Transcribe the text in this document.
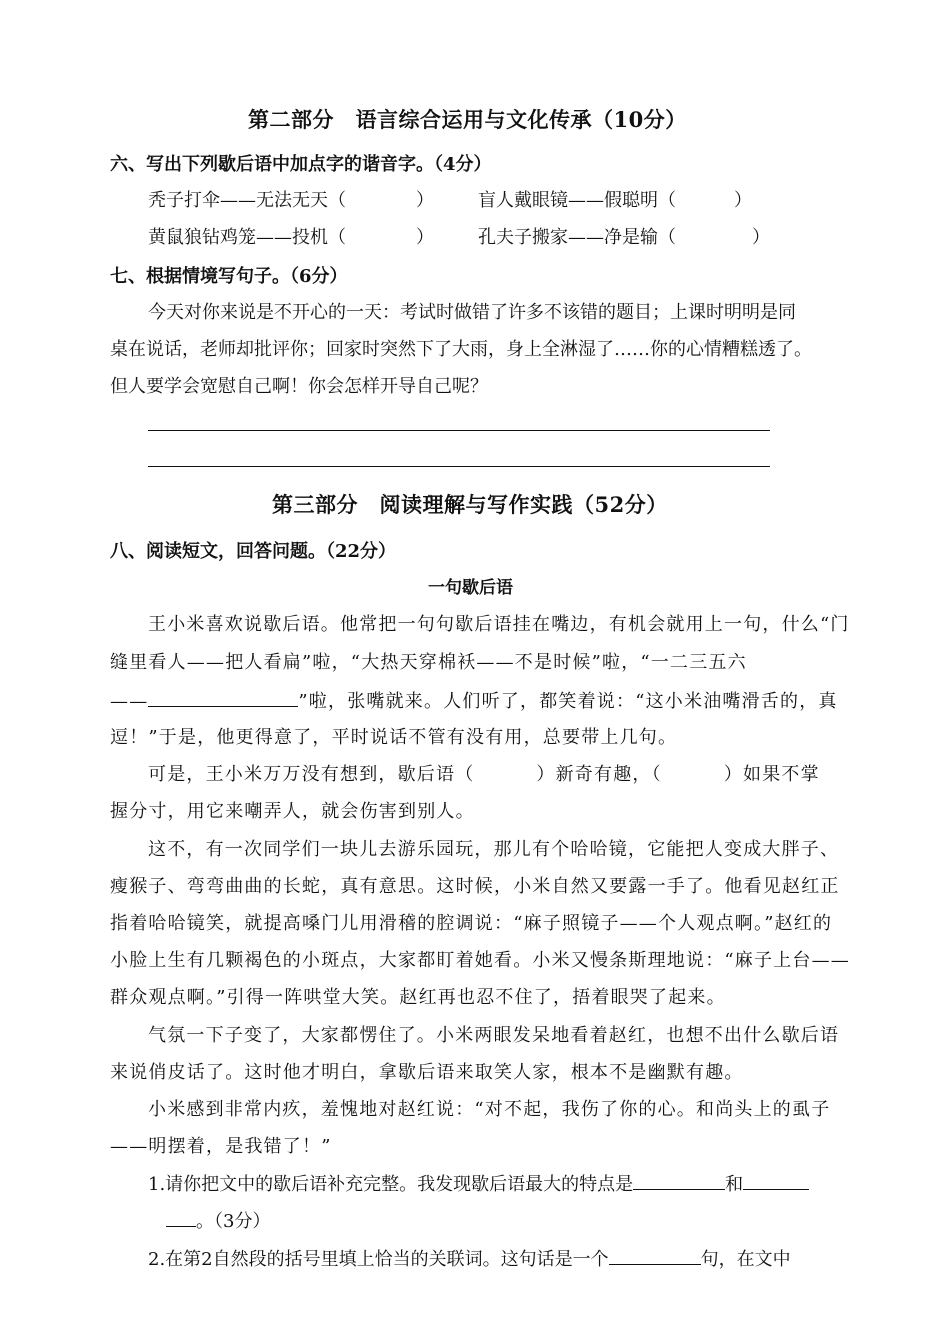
第二部分　语言综合运用与文化传承（10分）
六、写出下列歇后语中加点字的谐音字。（4分）
秃子打伞——无法无天（	） 盲人戴眼镜——假聪明（	）
黄鼠狼钻鸡笼——投机（	） 孔夫子搬家——净是输（	）
七、根据情境写句子。（6分）
今天对你来说是不开心的一天：考试时做错了许多不该错的题目；上课时明明是同
桌在说话，老师却批评你；回家时突然下了大雨，身上全淋湿了……你的心情糟糕透了。
但人要学会宽慰自己啊！你会怎样开导自己呢？
第三部分　阅读理解与写作实践（52分）
八、阅读短文，回答问题。（22分）
一句歇后语
王小米喜欢说歇后语。他常把一句句歇后语挂在嘴边，有机会就用上一句，什么“门
缝里看人——把人看扁”啦，“大热天穿棉袄——不是时候”啦，“一二三五六
——	”啦，张嘴就来。人们听了，都笑着说：“这小米油嘴滑舌的，真
逗！”于是，他更得意了，平时说话不管有没有用，总要带上几句。
可是，王小米万万没有想到，歇后语（	）新奇有趣，（	）如果不掌
握分寸，用它来嘲弄人，就会伤害到别人。
这不，有一次同学们一块儿去游乐园玩，那儿有个哈哈镜，它能把人变成大胖子、
瘦猴子、弯弯曲曲的长蛇，真有意思。这时候，小米自然又要露一手了。他看见赵红正
指着哈哈镜笑，就提高嗓门儿用滑稽的腔调说：“麻子照镜子——个人观点啊。”赵红的
小脸上生有几颗褐色的小斑点，大家都盯着她看。小米又慢条斯理地说：“麻子上台——
群众观点啊。”引得一阵哄堂大笑。赵红再也忍不住了，捂着眼哭了起来。
气氛一下子变了，大家都愣住了。小米两眼发呆地看着赵红，也想不出什么歇后语
来说俏皮话了。这时他才明白，拿歇后语来取笑人家，根本不是幽默有趣。
小米感到非常内疚，羞愧地对赵红说：“对不起，我伤了你的心。和尚头上的虱子
——明摆着，是我错了！”
1.请你把文中的歇后语补充完整。我发现歇后语最大的特点是	和
。（3分）
2.在第2自然段的括号里填上恰当的关联词。这句话是一个	句，在文中
